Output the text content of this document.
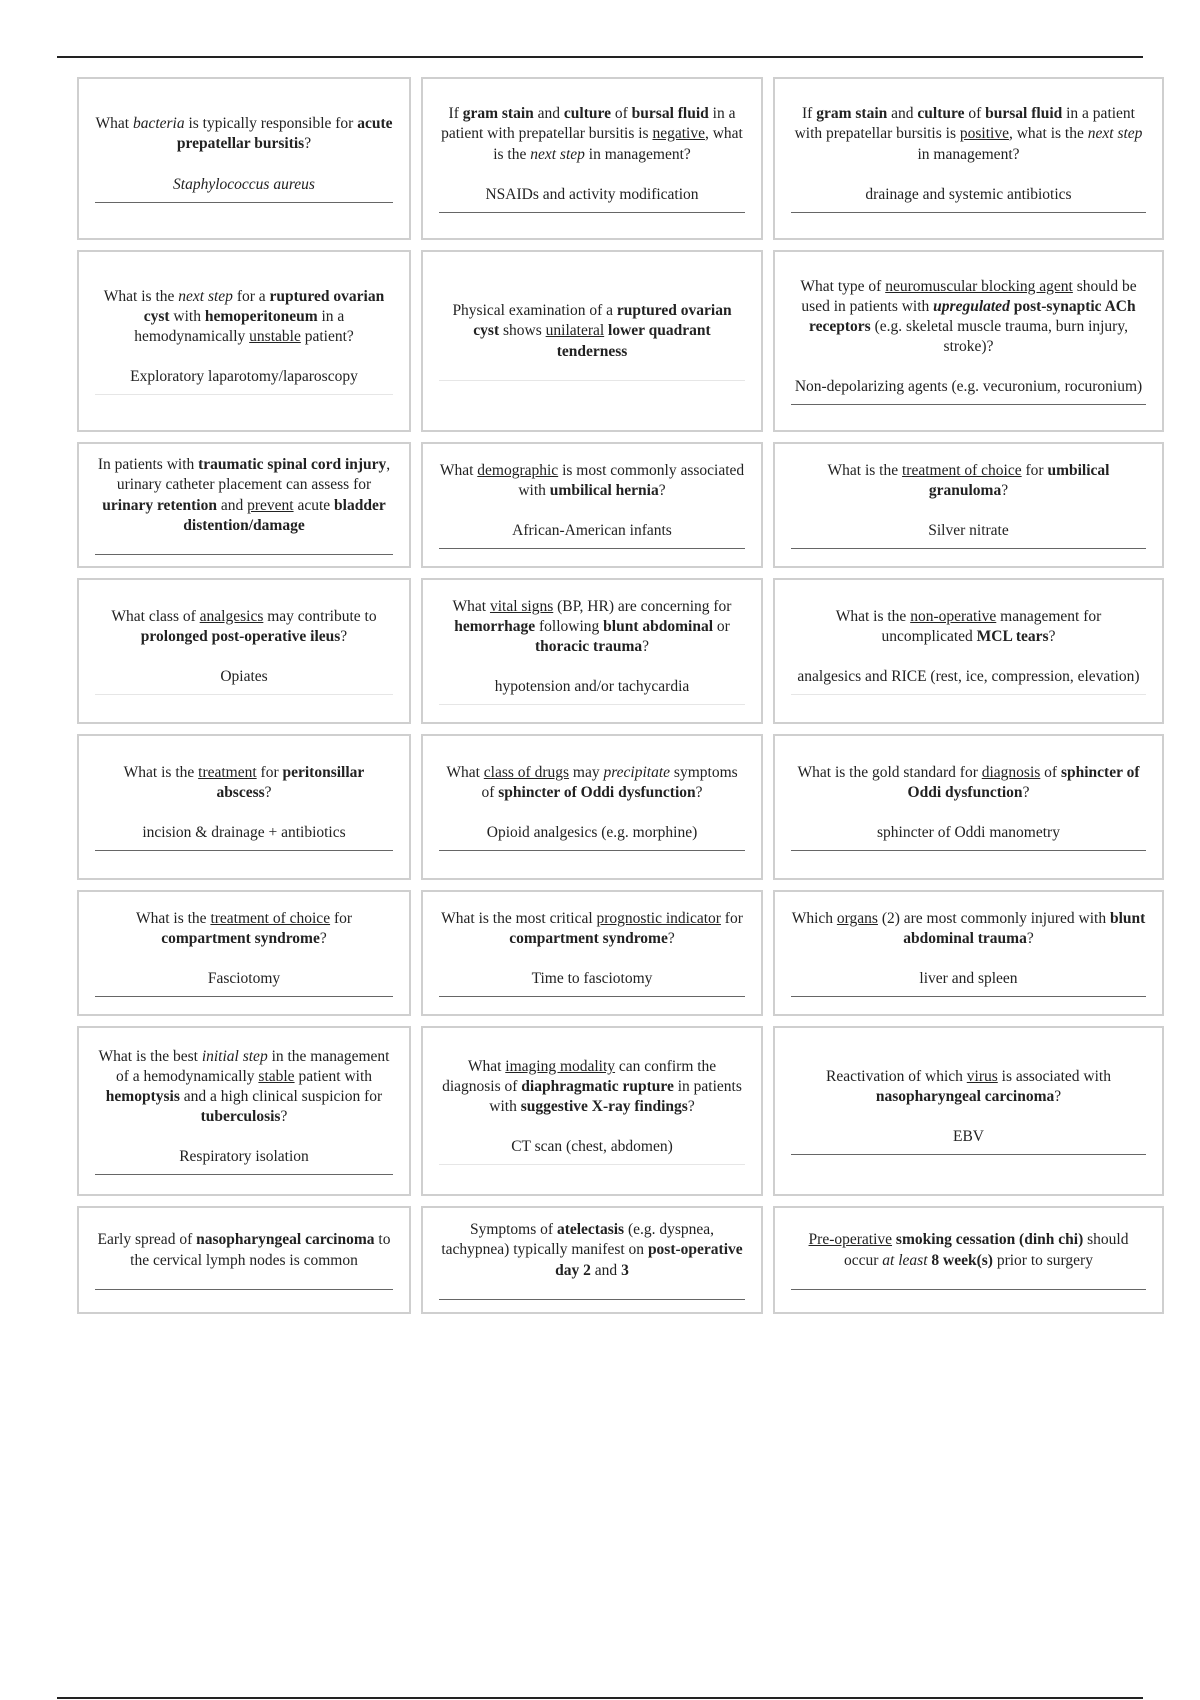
What bacteria is typically responsible for acute prepatellar bursitis?
Staphylococcus aureus
If gram stain and culture of bursal fluid in a patient with prepatellar bursitis is negative, what is the next step in management?
NSAIDs and activity modification
If gram stain and culture of bursal fluid in a patient with prepatellar bursitis is positive, what is the next step in management?
drainage and systemic antibiotics
What is the next step for a ruptured ovarian cyst with hemoperitoneum in a hemodynamically unstable patient?
Exploratory laparotomy/laparoscopy
Physical examination of a ruptured ovarian cyst shows unilateral lower quadrant tenderness
What type of neuromuscular blocking agent should be used in patients with upregulated post-synaptic ACh receptors (e.g. skeletal muscle trauma, burn injury, stroke)?
Non-depolarizing agents (e.g. vecuronium, rocuronium)
In patients with traumatic spinal cord injury, urinary catheter placement can assess for urinary retention and prevent acute bladder distention/damage
What demographic is most commonly associated with umbilical hernia?
African-American infants
What is the treatment of choice for umbilical granuloma?
Silver nitrate
What class of analgesics may contribute to prolonged post-operative ileus?
Opiates
What vital signs (BP, HR) are concerning for hemorrhage following blunt abdominal or thoracic trauma?
hypotension and/or tachycardia
What is the non-operative management for uncomplicated MCL tears?
analgesics and RICE (rest, ice, compression, elevation)
What is the treatment for peritonsillar abscess?
incision & drainage + antibiotics
What class of drugs may precipitate symptoms of sphincter of Oddi dysfunction?
Opioid analgesics (e.g. morphine)
What is the gold standard for diagnosis of sphincter of Oddi dysfunction?
sphincter of Oddi manometry
What is the treatment of choice for compartment syndrome?
Fasciotomy
What is the most critical prognostic indicator for compartment syndrome?
Time to fasciotomy
Which organs (2) are most commonly injured with blunt abdominal trauma?
liver and spleen
What is the best initial step in the management of a hemodynamically stable patient with hemoptysis and a high clinical suspicion for tuberculosis?
Respiratory isolation
What imaging modality can confirm the diagnosis of diaphragmatic rupture in patients with suggestive X-ray findings?
CT scan (chest, abdomen)
Reactivation of which virus is associated with nasopharyngeal carcinoma?
EBV
Early spread of nasopharyngeal carcinoma to the cervical lymph nodes is common
Symptoms of atelectasis (e.g. dyspnea, tachypnea) typically manifest on post-operative day 2 and 3
Pre-operative smoking cessation (dinh chi) should occur at least 8 week(s) prior to surgery
